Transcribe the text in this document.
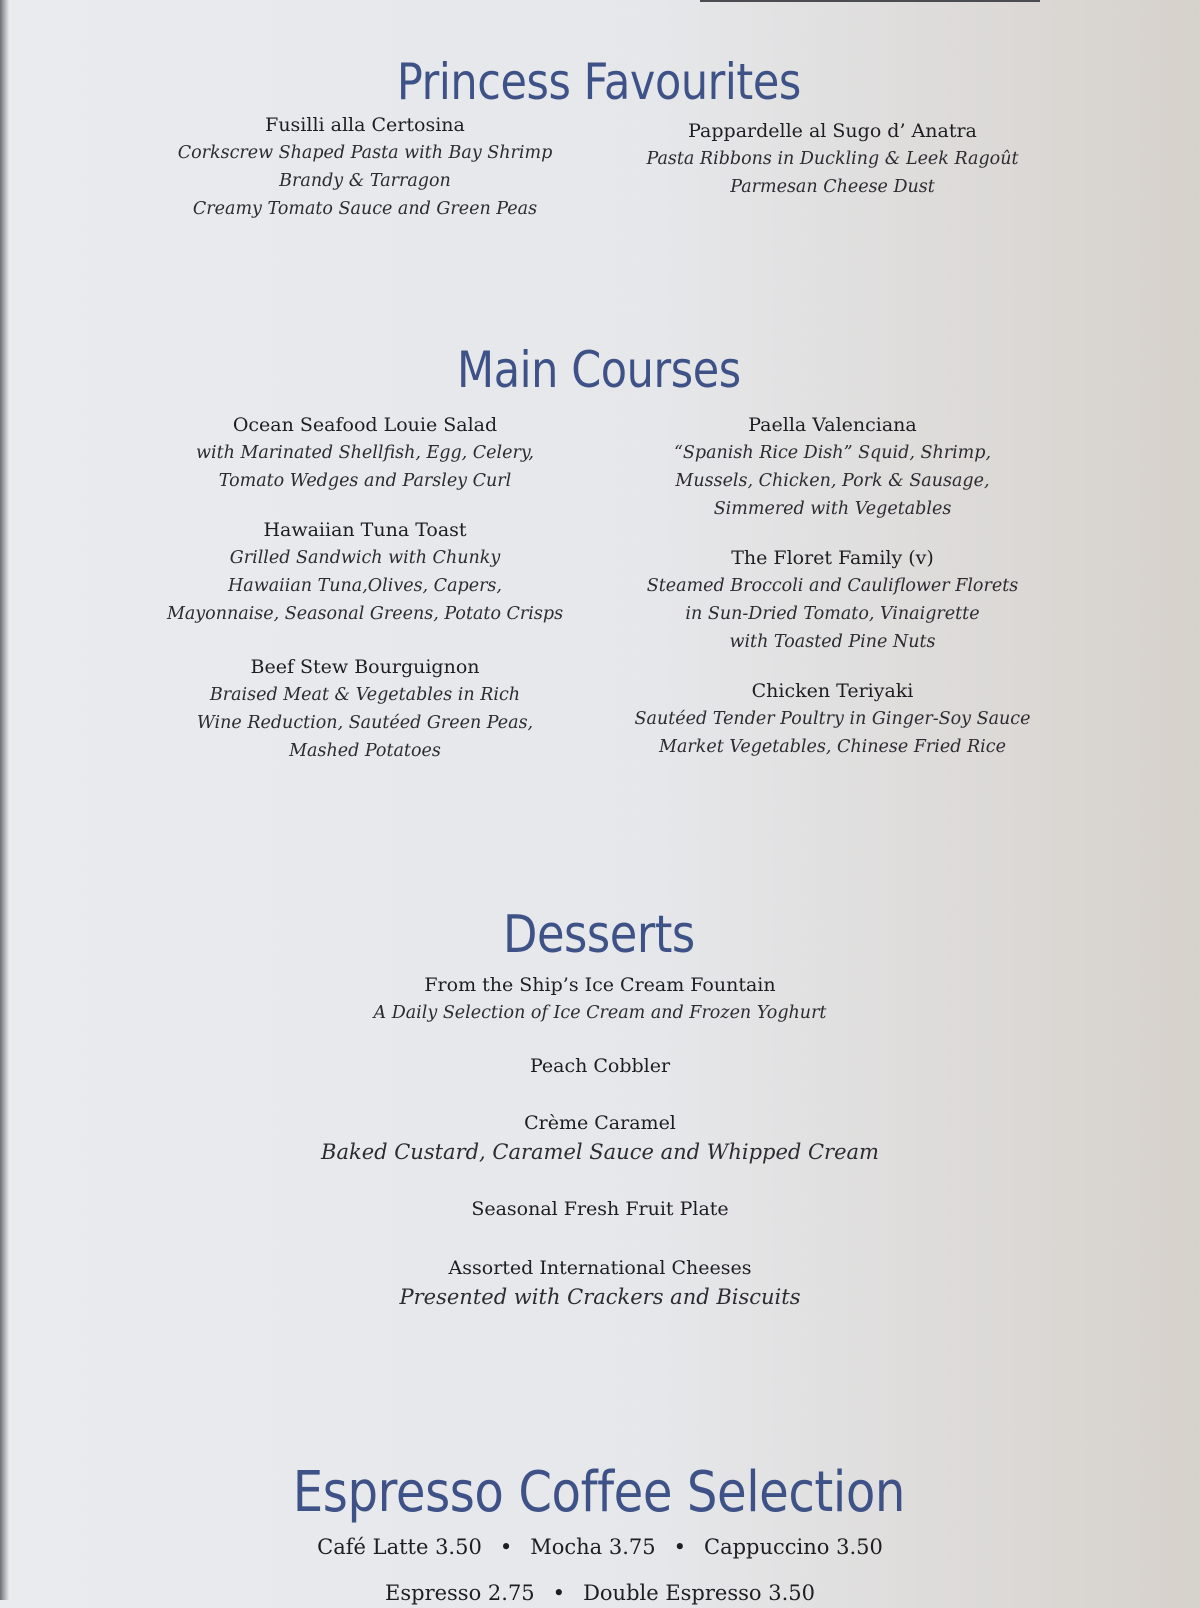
Princess Favourites
Fusilli alla Certosina
Corkscrew Shaped Pasta with Bay Shrimp
Brandy & Tarragon
Creamy Tomato Sauce and Green Peas
Pappardelle al Sugo d’ Anatra
Pasta Ribbons in Duckling & Leek Ragoût
Parmesan Cheese Dust
Main Courses
Ocean Seafood Louie Salad
with Marinated Shellfish, Egg, Celery,
Tomato Wedges and Parsley Curl
Hawaiian Tuna Toast
Grilled Sandwich with Chunky
Hawaiian Tuna,Olives, Capers,
Mayonnaise, Seasonal Greens, Potato Crisps
Beef Stew Bourguignon
Braised Meat & Vegetables in Rich
Wine Reduction, Sautéed Green Peas,
Mashed Potatoes
Paella Valenciana
“Spanish Rice Dish” Squid, Shrimp,
Mussels, Chicken, Pork & Sausage,
Simmered with Vegetables
The Floret Family (v)
Steamed Broccoli and Cauliflower Florets
in Sun-Dried Tomato, Vinaigrette
with Toasted Pine Nuts
Chicken Teriyaki
Sautéed Tender Poultry in Ginger-Soy Sauce
Market Vegetables, Chinese Fried Rice
Desserts
From the Ship’s Ice Cream Fountain
A Daily Selection of Ice Cream and Frozen Yoghurt
Peach Cobbler
Crème Caramel
Baked Custard, Caramel Sauce and Whipped Cream
Seasonal Fresh Fruit Plate
Assorted International Cheeses
Presented with Crackers and Biscuits
Espresso Coffee Selection
Café Latte 3.50 • Mocha 3.75 • Cappuccino 3.50
Espresso 2.75 • Double Espresso 3.50
